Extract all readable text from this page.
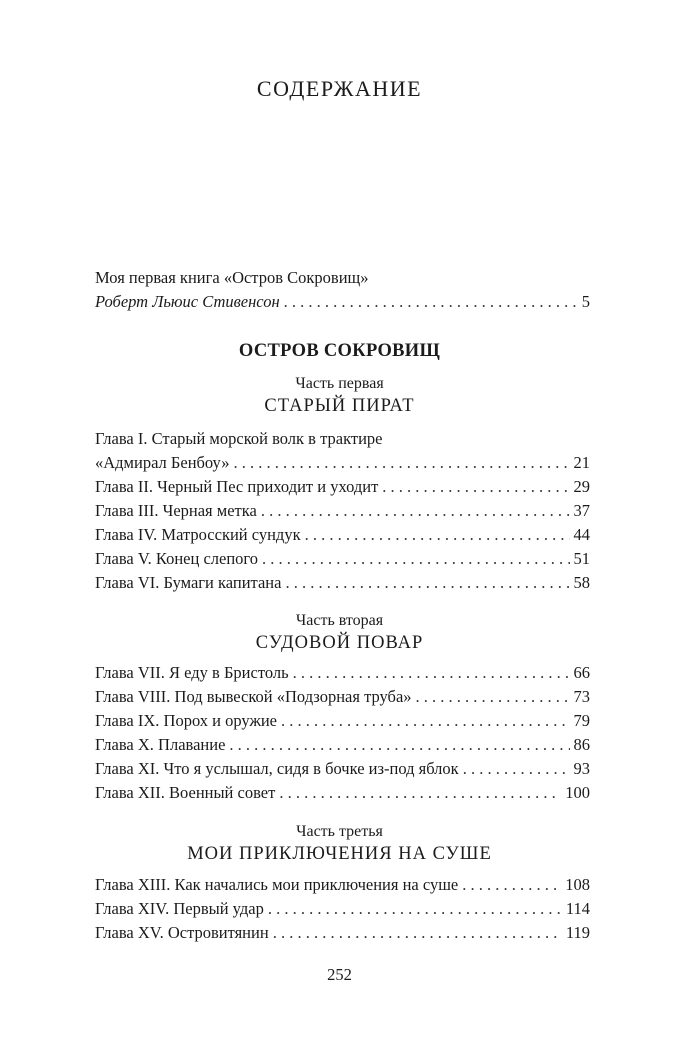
СОДЕРЖАНИЕ
Моя первая книга «Остров Сокровищ»
Роберт Льюис Стивенсон . . .	5
ОСТРОВ СОКРОВИЩ
Часть первая
СТАРЫЙ ПИРАТ
Глава I. Старый морской волк в трактире
«Адмирал Бенбоу» . . .	21
Глава II. Черный Пес приходит и уходит . . .	29
Глава III. Черная метка . . .	37
Глава IV. Матросский сундук . . .	44
Глава V. Конец слепого . . .	51
Глава VI. Бумаги капитана . . .	58
Часть вторая
СУДОВОЙ ПОВАР
Глава VII. Я еду в Бристоль . . .	66
Глава VIII. Под вывеской «Подзорная труба» . . .	73
Глава IX. Порох и оружие . . .	79
Глава X. Плавание . . .	86
Глава XI. Что я услышал, сидя в бочке из-под яблок . . .	93
Глава XII. Военный совет . . .	100
Часть третья
МОИ ПРИКЛЮЧЕНИЯ НА СУШЕ
Глава XIII. Как начались мои приключения на суше . . .	108
Глава XIV. Первый удар . . .	114
Глава XV. Островитянин . . .	119
252
